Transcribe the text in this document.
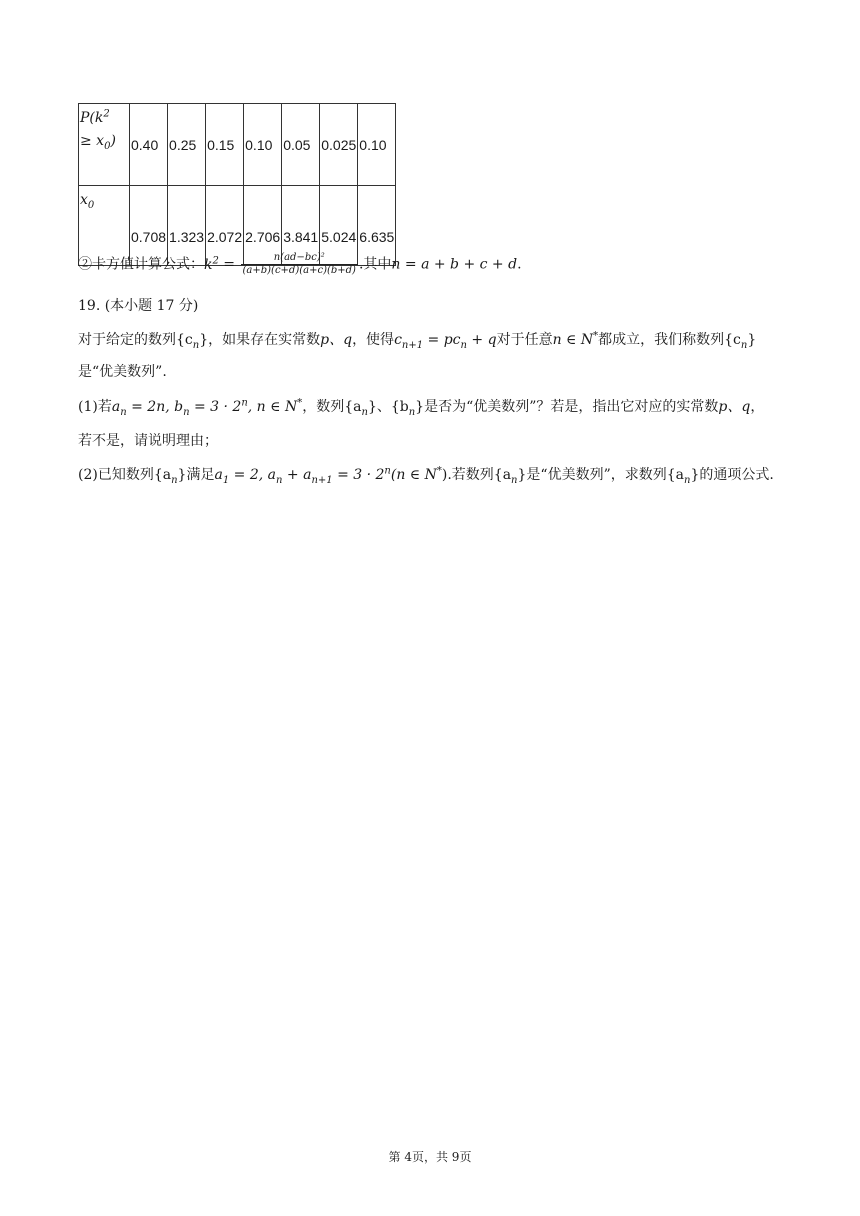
$P(k^2$
≥ $x_0$)	0.40	0.25	0.15	0.10	0.05	0.025	0.10
$x_0$	0.708	1.323	2.072	2.706	3.841	5.024	6.635
②卡方值计算公式：$k^2 = \frac{\text{n(ad−bc)²}}{(a+b)(c+d)(a+c)(b+d)}$ .其中n = a + b + c + d.
19. (本小题 17 分)
对于给定的数列$\{c_n\}$，如果存在实常数p、q，使得$c_{n+1} = pc_n + q$对于任意n ∈ N*都成立，我们称数列$\{c_n\}$
是“优美数列”.
(1)若$a_n = 2n$, $b_n = 3 \cdot 2^n$, n ∈ N*，数列$\{a_n\}$、$\{b_n\}$是否为“优美数列”？若是，指出它对应的实常数p、q，
若不是，请说明理由；
(2)已知数列$\{a_n\}$满足$a_1 = 2$, $a_n + a_{n+1} = 3 \cdot 2^n(n$ ∈ N*).若数列$\{a_n\}$是“优美数列”，求数列$\{a_n\}$的通项公式.
第 4页，共 9页
